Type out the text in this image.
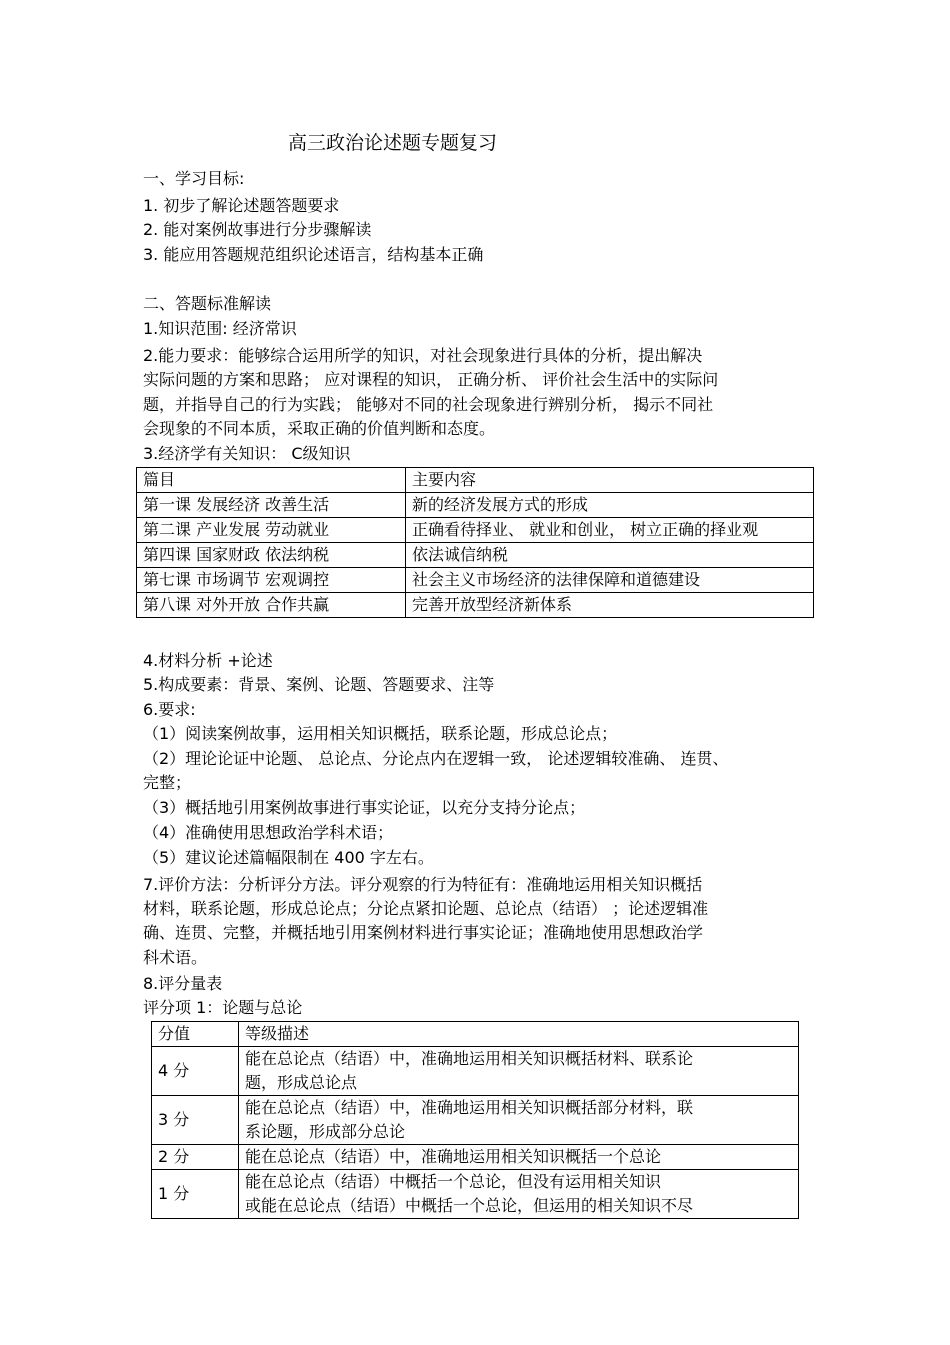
高三政治论述题专题复习
一、学习目标:
1. 初步了解论述题答题要求
2. 能对案例故事进行分步骤解读
3. 能应用答题规范组织论述语言，结构基本正确
二、答题标准解读
1.知识范围: 经济常识
2.能力要求：能够综合运用所学的知识，对社会现象进行具体的分析，提出解决
实际问题的方案和思路； 应对课程的知识， 正确分析、 评价社会生活中的实际问
题，并指导自己的行为实践； 能够对不同的社会现象进行辨别分析， 揭示不同社
会现象的不同本质，采取正确的价值判断和态度。
3.经济学有关知识： C级知识
篇目	主要内容
第一课 发展经济 改善生活	新的经济发展方式的形成
第二课 产业发展 劳动就业	正确看待择业、 就业和创业， 树立正确的择业观
第四课 国家财政 依法纳税	依法诚信纳税
第七课 市场调节 宏观调控	社会主义市场经济的法律保障和道德建设
第八课 对外开放 合作共赢	完善开放型经济新体系
4.材料分析 +论述
5.构成要素：背景、案例、论题、答题要求、注等
6.要求:
（1）阅读案例故事，运用相关知识概括，联系论题，形成总论点；
（2）理论论证中论题、 总论点、分论点内在逻辑一致， 论述逻辑较准确、 连贯、
完整；
（3）概括地引用案例故事进行事实论证，以充分支持分论点；
（4）准确使用思想政治学科术语；
（5）建议论述篇幅限制在 400 字左右。
7.评价方法：分析评分方法。评分观察的行为特征有：准确地运用相关知识概括
材料，联系论题，形成总论点；分论点紧扣论题、总论点（结语） ；论述逻辑准
确、连贯、完整，并概括地引用案例材料进行事实论证；准确地使用思想政治学
科术语。
8.评分量表
评分项 1：论题与总论
分值	等级描述
4 分	能在总论点（结语）中，准确地运用相关知识概括材料、联系论
题，形成总论点

3 分	能在总论点（结语）中，准确地运用相关知识概括部分材料，联
系论题，形成部分总论

2 分	能在总论点（结语）中，准确地运用相关知识概括一个总论

1 分	能在总论点（结语）中概括一个总论，但没有运用相关知识
或能在总论点（结语）中概括一个总论，但运用的相关知识不尽
